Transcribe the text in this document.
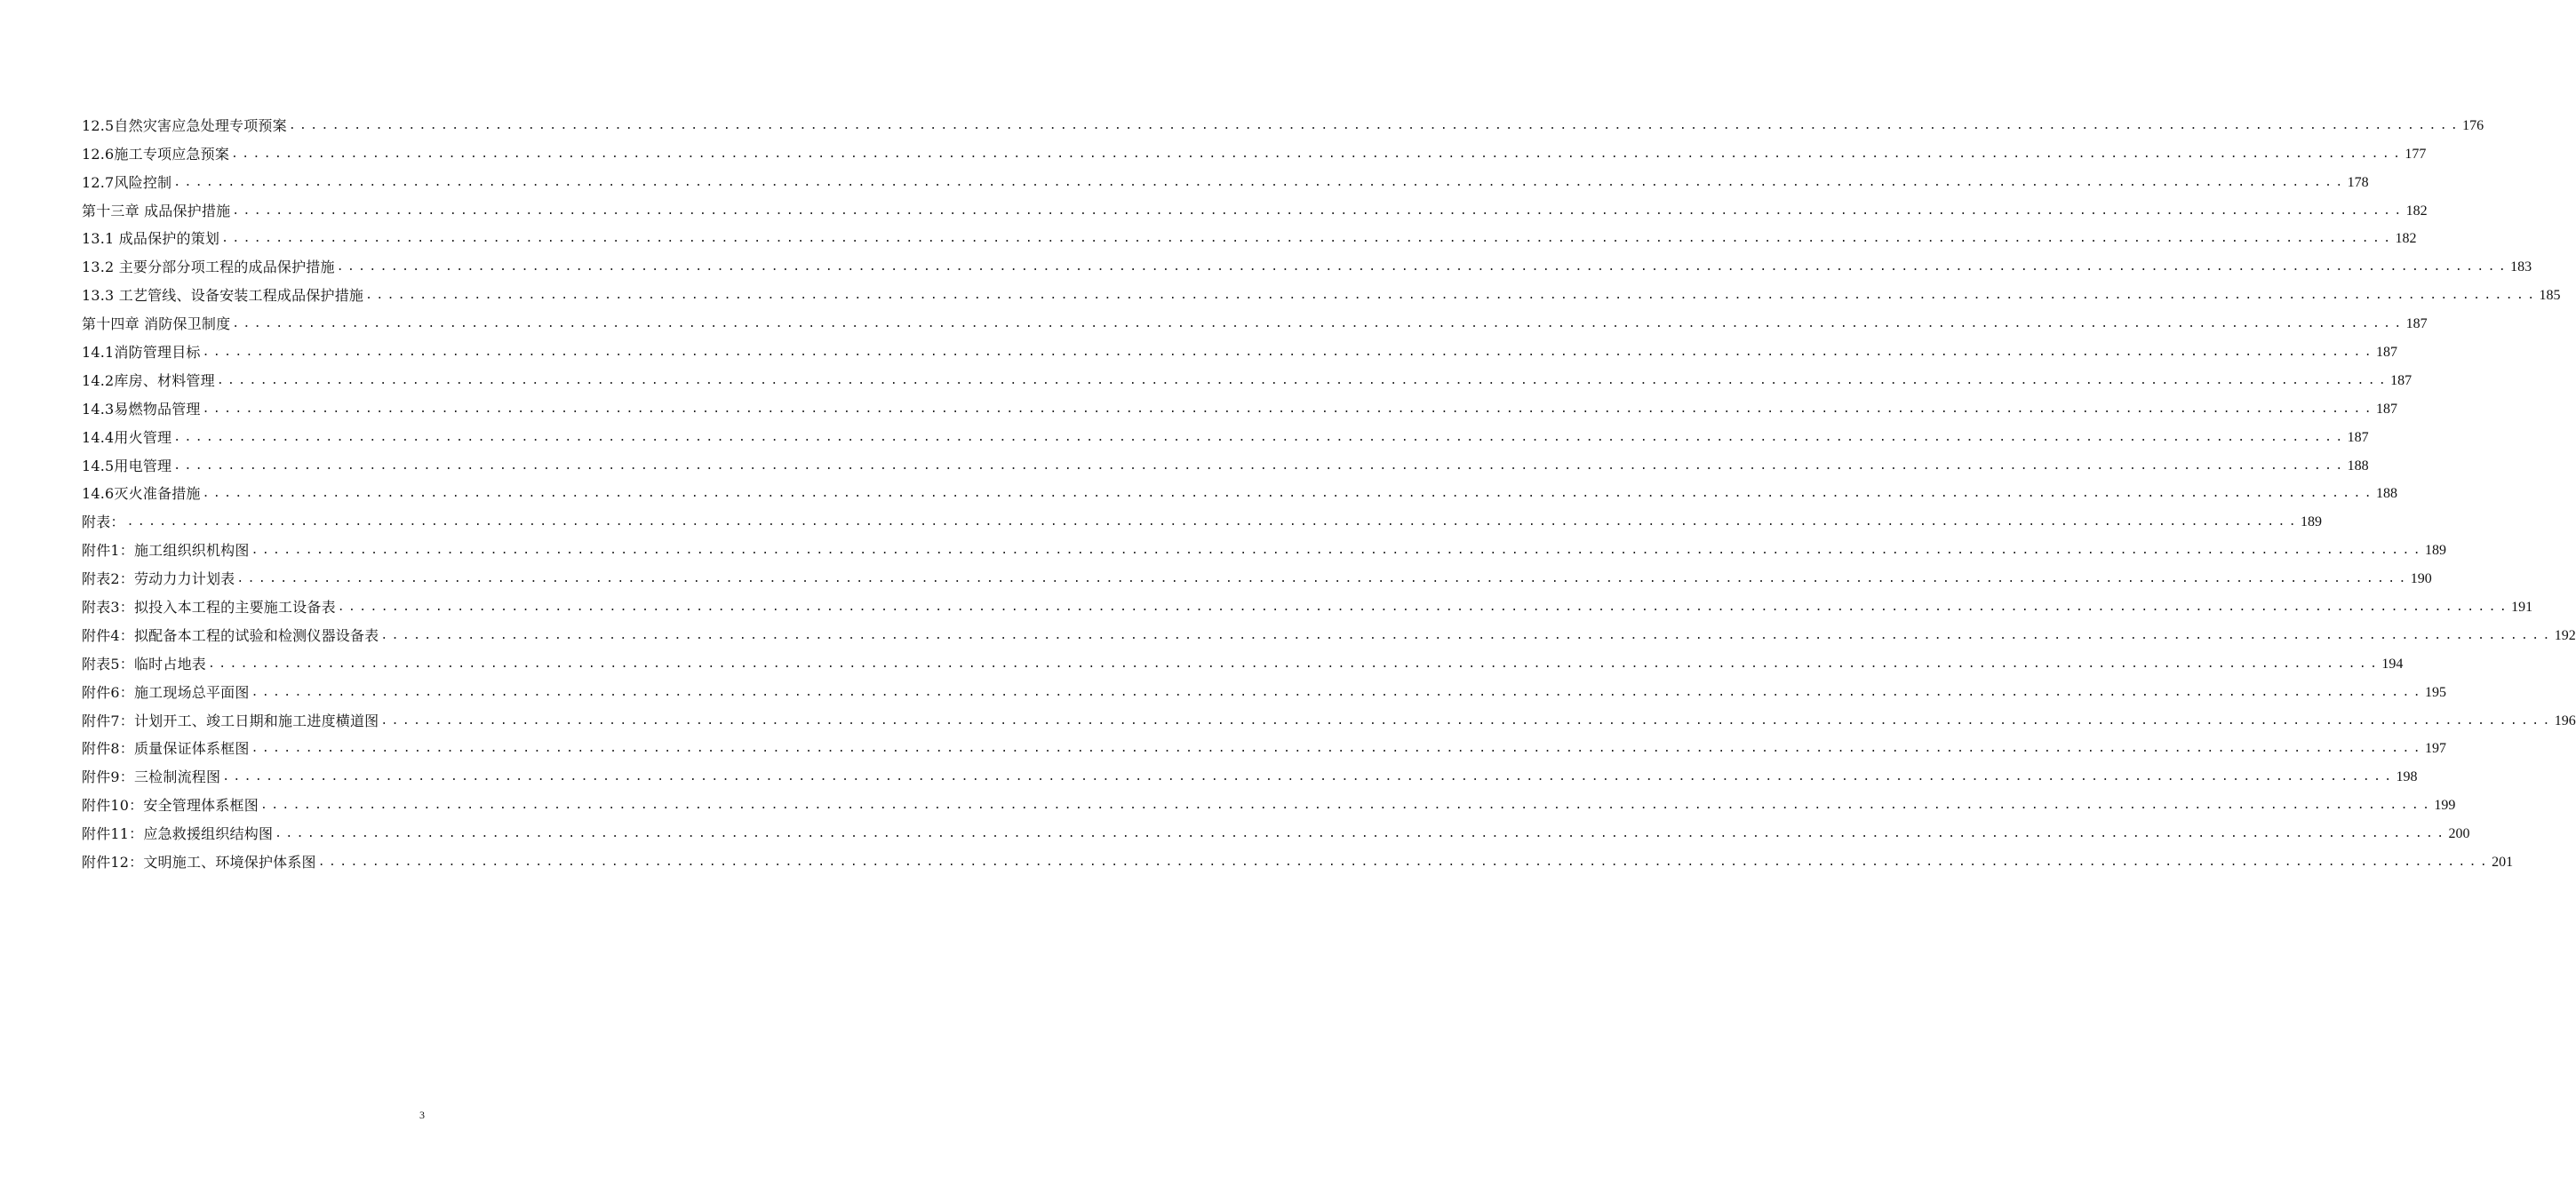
12.5自然灾害应急处理专项预案 ........................................................................................................................................................................................................ 176
12.6施工专项应急预案 ........................................................................................................................................................................................................ 177
12.7风险控制 ........................................................................................................................................................................................................ 178
第十三章 成品保护措施 ........................................................................................................................................................................................................ 182
13.1 成品保护的策划 ........................................................................................................................................................................................................ 182
13.2 主要分部分项工程的成品保护措施 ........................................................................................................................................................................................................ 183
13.3 工艺管线、设备安装工程成品保护措施 ........................................................................................................................................................................................................ 185
第十四章 消防保卫制度 ........................................................................................................................................................................................................ 187
14.1消防管理目标 ........................................................................................................................................................................................................ 187
14.2库房、材料管理 ........................................................................................................................................................................................................ 187
14.3易燃物品管理 ........................................................................................................................................................................................................ 187
14.4用火管理 ........................................................................................................................................................................................................ 187
14.5用电管理 ........................................................................................................................................................................................................ 188
14.6灭火准备措施 ........................................................................................................................................................................................................ 188
附表： ........................................................................................................................................................................................................ 189
附件1：施工组织织机构图 ........................................................................................................................................................................................................ 189
附表2：劳动力力计划表 ........................................................................................................................................................................................................ 190
附表3：拟投入本工程的主要施工设备表 ........................................................................................................................................................................................................ 191
附件4：拟配备本工程的试验和检测仪器设备表 ........................................................................................................................................................................................................ 192
附表5：临时占地表 ........................................................................................................................................................................................................ 194
附件6：施工现场总平面图 ........................................................................................................................................................................................................ 195
附件7：计划开工、竣工日期和施工进度横道图 ........................................................................................................................................................................................................ 196
附件8：质量保证体系框图 ........................................................................................................................................................................................................ 197
附件9：三检制流程图 ........................................................................................................................................................................................................ 198
附件10：安全管理体系框图 ........................................................................................................................................................................................................ 199
附件11：应急救援组织结构图 ........................................................................................................................................................................................................ 200
附件12：文明施工、环境保护体系图 ........................................................................................................................................................................................................ 201
3
